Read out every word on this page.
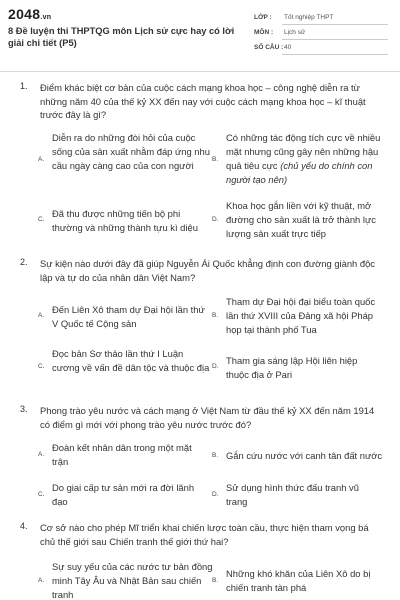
2048.vn
8 Đề luyện thi THPTQG môn Lịch sử cực hay có lời giải chi tiết (P5)
LỚP : Tốt nghiệp THPT
MÔN : Lịch sử
SỐ CÂU : 40
1. Điểm khác biệt cơ bản của cuộc cách mạng khoa học – công nghệ diễn ra từ những năm 40 của thế kỷ XX đến nay với cuộc cách mạng khoa học – kĩ thuật trước đây là gì?
A.
Diễn ra do những đòi hỏi của cuộc sống của sản xuất nhằm đáp ứng nhu cầu ngày càng cao của con người
B.
Có những tác động tích cực về nhiều mặt nhưng cũng gây nên những hậu quả tiêu cực (chủ yếu do chính con người tạo nên)
C.
Đã thu được những tiến bộ phi thường và những thành tựu kì diệu
D.
Khoa học gắn liền với kỹ thuật, mở đường cho sản xuất là trở thành lực lượng sản xuất trực tiếp
2. Sự kiện nào dưới đây đã giúp Nguyễn Ái Quốc khẳng định con đường giành độc lập và tự do của nhân dân Việt Nam?
A.
Đến Liên Xô tham dự Đại hội lần thứ V Quốc tế Cộng sản
B.
Tham dự Đại hội đại biểu toàn quốc lần thứ XVIII của Đảng xã hội Pháp họp tại thành phố Tua
C.
Đọc bản Sơ thảo lần thứ I Luận cương về vấn đề dân tộc và thuộc địa D.
Tham gia sáng lập Hội liên hiệp thuộc địa ở Pari
3. Phong trào yêu nước và cách mạng ở Việt Nam từ đầu thế kỷ XX đến năm 1914 có điểm gì mới với phong trào yêu nước trước đó?
A.
Đoàn kết nhân dân trong một mặt trận
B. Gắn cứu nước với canh tân đất nước
C.
Do giai cấp tư sản mới ra đời lãnh đạo
D.
Sử dụng hình thức đấu tranh vũ trang
4. Cơ sở nào cho phép Mĩ triển khai chiến lược toàn cầu, thực hiện tham vọng bá chủ thế giới sau Chiến tranh thế giới thứ hai?
A.
Sự suy yếu của các nước tư bản đồng minh Tây Âu và Nhật Bản sau chiến tranh
B.
Những khó khăn của Liên Xô do bị chiến tranh tàn phá
